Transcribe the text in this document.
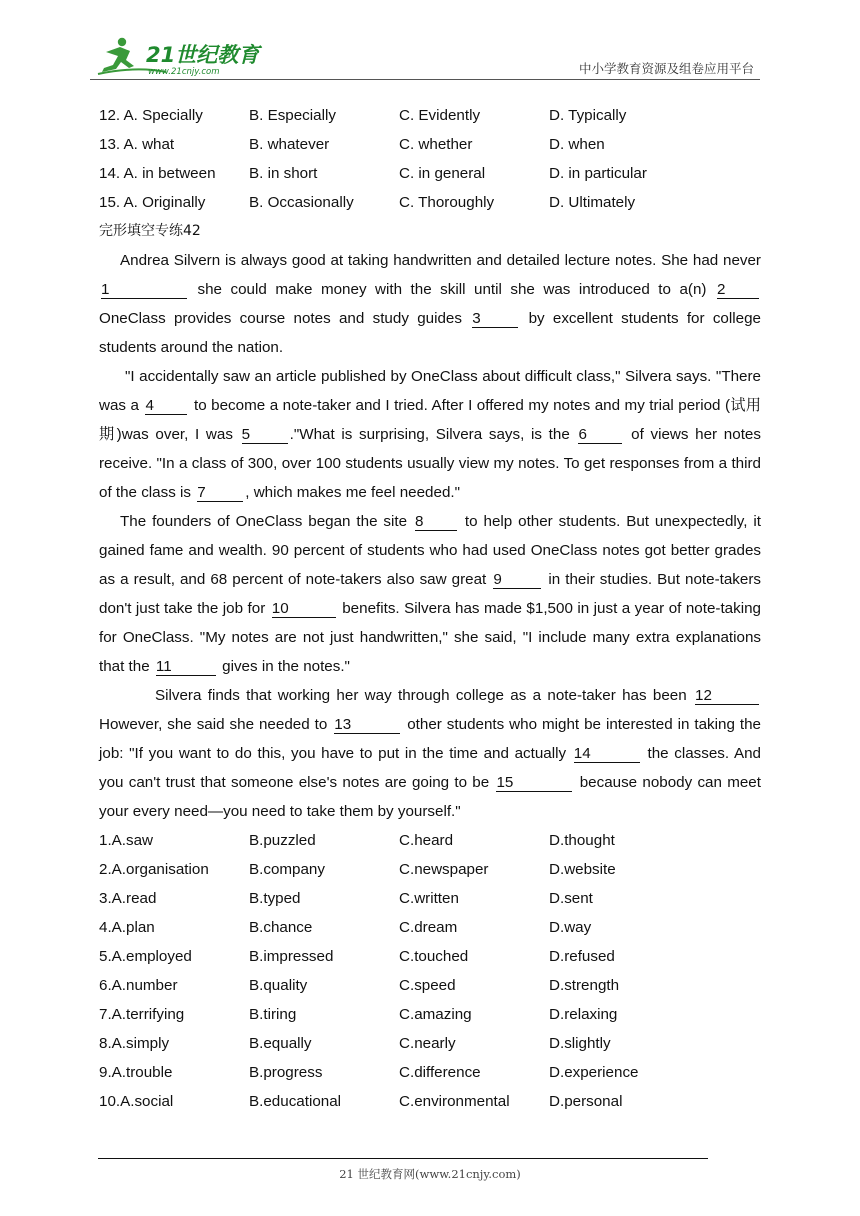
21世纪教育
www.21cnjy.com	中小学教育资源及组卷应用平台
12. A. Specially	B. Especially	C. Evidently	D. Typically
13. A. what	B. whatever	C. whether	D. when
14. A. in between	B. in short	C. in general	D. in particular
15. A. Originally	B. Occasionally	C. Thoroughly	D. Ultimately
完形填空专练42
Andrea Silvern is always good at taking handwritten and detailed lecture notes. She had never 1	she could make money with the skill until she was introduced to a(n) 2 OneClass provides course notes and study guides 3	by excellent students for college students around the nation.
"I accidentally saw an article published by OneClass about difficult class," Silvera says. "There was a 4	to become a note-taker and I tried. After I offered my notes and my trial period (试用期)was over, I was 5	."What is surprising, Silvera says, is the 6	of views her notes receive. "In a class of 300, over 100 students usually view my notes. To get responses from a third of the class is 7	, which makes me feel needed."
The founders of OneClass began the site 8	to help other students. But unexpectedly, it gained fame and wealth. 90 percent of students who had used OneClass notes got better grades as a result, and 68 percent of note-takers also saw great 9	in their studies. But note-takers don't just take the job for 10	benefits. Silvera has made $1,500 in just a year of note-taking for OneClass. "My notes are not just handwritten," she said, "I include many extra explanations that the 11	gives in the notes."
Silvera finds that working her way through college as a note-taker has been 12 However, she said she needed to 13	other students who might be interested in taking the job: "If you want to do this, you have to put in the time and actually 14	the classes. And you can't trust that someone else's notes are going to be 15	because nobody can meet your every need—you need to take them by yourself."
1.A.saw	B.puzzled	C.heard	D.thought
2.A.organisation	B.company	C.newspaper	D.website
3.A.read	B.typed	C.written	D.sent
4.A.plan	B.chance	C.dream	D.way
5.A.employed	B.impressed	C.touched	D.refused
6.A.number	B.quality	C.speed	D.strength
7.A.terrifying	B.tiring	C.amazing	D.relaxing
8.A.simply	B.equally	C.nearly	D.slightly
9.A.trouble	B.progress	C.difference	D.experience
10.A.social	B.educational	C.environmental	D.personal
21 世纪教育网(www.21cnjy.com)
